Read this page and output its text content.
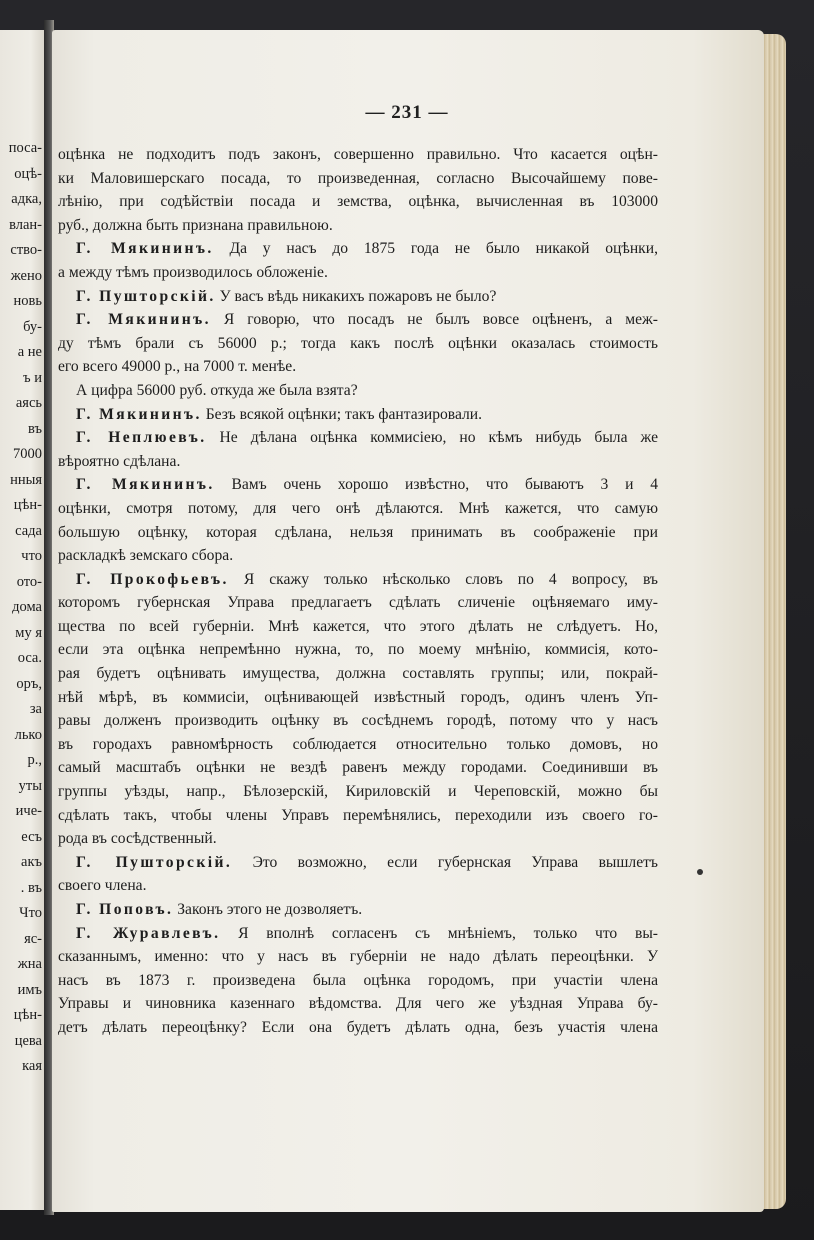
поса-
оцѣ-
адка,
влан-
ство-
жено
новь
бу-
а не
ъ и
аясь
въ
7000
нныя
цѣн-
сада
что
ото-
дома
му я
оса.
оръ,
за
лько
р.,
уты
иче-
есъ
акъ
. въ
Что
яс-
жна
имъ
цѣн-
цева
кая
— 231 —
оцѣнка не подходитъ подъ законъ, совершенно правильно. Что касается оцѣн-
ки Маловишерскаго посада, то произведенная, согласно Высочайшему пове-
лѣнію, при содѣйствіи посада и земства, оцѣнка, вычисленная въ 103000
руб., должна быть признана правильною.
Г. Мякининъ. Да у насъ до 1875 года не было никакой оцѣнки,
а между тѣмъ производилось обложеніе.
Г. Пушторскій. У васъ вѣдь никакихъ пожаровъ не было?
Г. Мякининъ. Я говорю, что посадъ не былъ вовсе оцѣненъ, а меж-
ду тѣмъ брали съ 56000 р.; тогда какъ послѣ оцѣнки оказалась стоимость
его всего 49000 р., на 7000 т. менѣе.
А цифра 56000 руб. откуда же была взята?
Г. Мякининъ. Безъ всякой оцѣнки; такъ фантазировали.
Г. Неплюевъ. Не дѣлана оцѣнка коммисіею, но кѣмъ нибудь была же
вѣроятно сдѣлана.
Г. Мякининъ. Вамъ очень хорошо извѣстно, что бываютъ 3 и 4
оцѣнки, смотря потому, для чего онѣ дѣлаются. Мнѣ кажется, что самую
большую оцѣнку, которая сдѣлана, нельзя принимать въ соображеніе при
раскладкѣ земскаго сбора.
Г. Прокофьевъ. Я скажу только нѣсколько словъ по 4 вопросу, въ
которомъ губернская Управа предлагаетъ сдѣлать сличеніе оцѣняемаго иму-
щества по всей губерніи. Мнѣ кажется, что этого дѣлать не слѣдуетъ. Но,
если эта оцѣнка непремѣнно нужна, то, по моему мнѣнію, коммисія, кото-
рая будетъ оцѣнивать имущества, должна составлять группы; или, покрай-
нѣй мѣрѣ, въ коммисіи, оцѣнивающей извѣстный городъ, одинъ членъ Уп-
равы долженъ производить оцѣнку въ сосѣднемъ городѣ, потому что у насъ
въ городахъ равномѣрность соблюдается относительно только домовъ, но
самый масштабъ оцѣнки не вездѣ равенъ между городами. Соединивши въ
группы уѣзды, напр., Бѣлозерскій, Кириловскій и Череповскій, можно бы
сдѣлать такъ, чтобы члены Управъ перемѣнялись, переходили изъ своего го-
рода въ сосѣдственный.
Г. Пушторскій. Это возможно, если губернская Управа вышлетъ
своего члена.
Г. Поповъ. Законъ этого не дозволяетъ.
Г. Журавлевъ. Я вполнѣ согласенъ съ мнѣніемъ, только что вы-
сказаннымъ, именно: что у насъ въ губерніи не надо дѣлать переоцѣнки. У
насъ въ 1873 г. произведена была оцѣнка городомъ, при участіи члена
Управы и чиновника казеннаго вѣдомства. Для чего же уѣздная Управа бу-
детъ дѣлать переоцѣнку? Если она будетъ дѣлать одна, безъ участія члена
